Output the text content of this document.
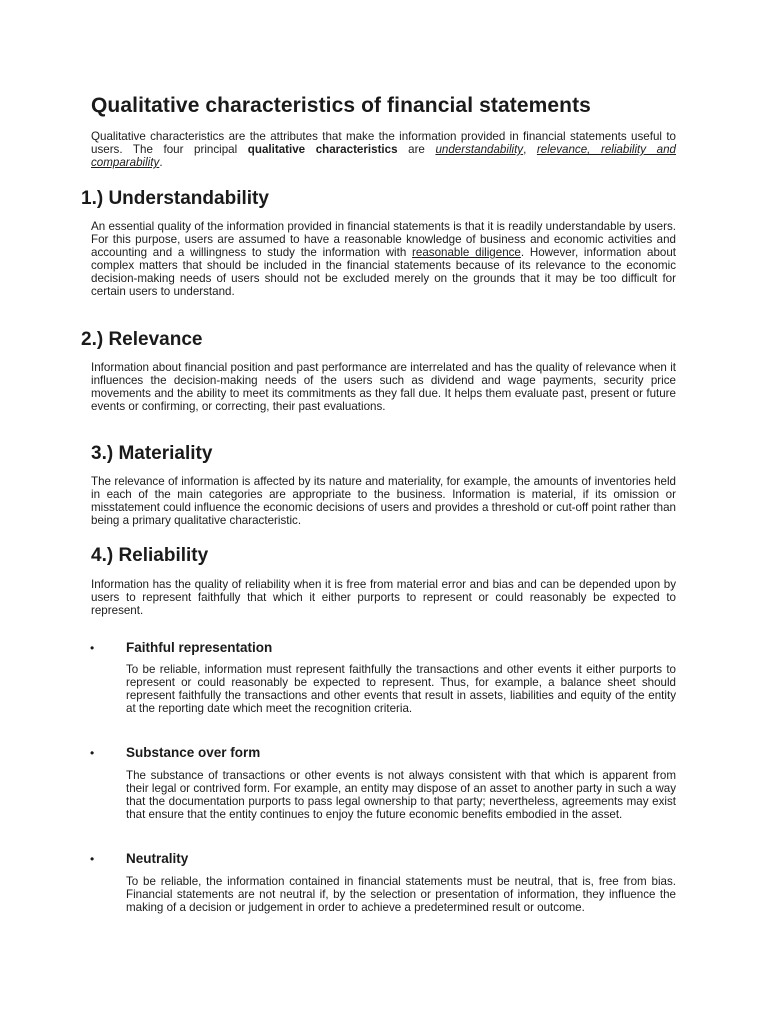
Qualitative characteristics of financial statements

Qualitative characteristics are the attributes that make the information provided in financial statements useful to users. The four principal qualitative characteristics are understandability, relevance, reliability and comparability.

1.) Understandability

An essential quality of the information provided in financial statements is that it is readily understandable by users. For this purpose, users are assumed to have a reasonable knowledge of business and economic activities and accounting and a willingness to study the information with reasonable diligence. However, information about complex matters that should be included in the financial statements because of its relevance to the economic decision-making needs of users should not be excluded merely on the grounds that it may be too difficult for certain users to understand.

2.) Relevance

Information about financial position and past performance are interrelated and has the quality of relevance when it influences the decision-making needs of the users such as dividend and wage payments, security price movements and the ability to meet its commitments as they fall due. It helps them evaluate past, present or future events or confirming, or correcting, their past evaluations.

3.) Materiality

The relevance of information is affected by its nature and materiality, for example, the amounts of inventories held in each of the main categories are appropriate to the business. Information is material, if its omission or misstatement could influence the economic decisions of users and provides a threshold or cut-off point rather than being a primary qualitative characteristic.

4.) Reliability

Information has the quality of reliability when it is free from material error and bias and can be depended upon by users to represent faithfully that which it either purports to represent or could reasonably be expected to represent.

• Faithful representation

To be reliable, information must represent faithfully the transactions and other events it either purports to represent or could reasonably be expected to represent. Thus, for example, a balance sheet should represent faithfully the transactions and other events that result in assets, liabilities and equity of the entity at the reporting date which meet the recognition criteria.

• Substance over form

The substance of transactions or other events is not always consistent with that which is apparent from their legal or contrived form. For example, an entity may dispose of an asset to another party in such a way that the documentation purports to pass legal ownership to that party; nevertheless, agreements may exist that ensure that the entity continues to enjoy the future economic benefits embodied in the asset.

• Neutrality

To be reliable, the information contained in financial statements must be neutral, that is, free from bias. Financial statements are not neutral if, by the selection or presentation of information, they influence the making of a decision or judgement in order to achieve a predetermined result or outcome.
